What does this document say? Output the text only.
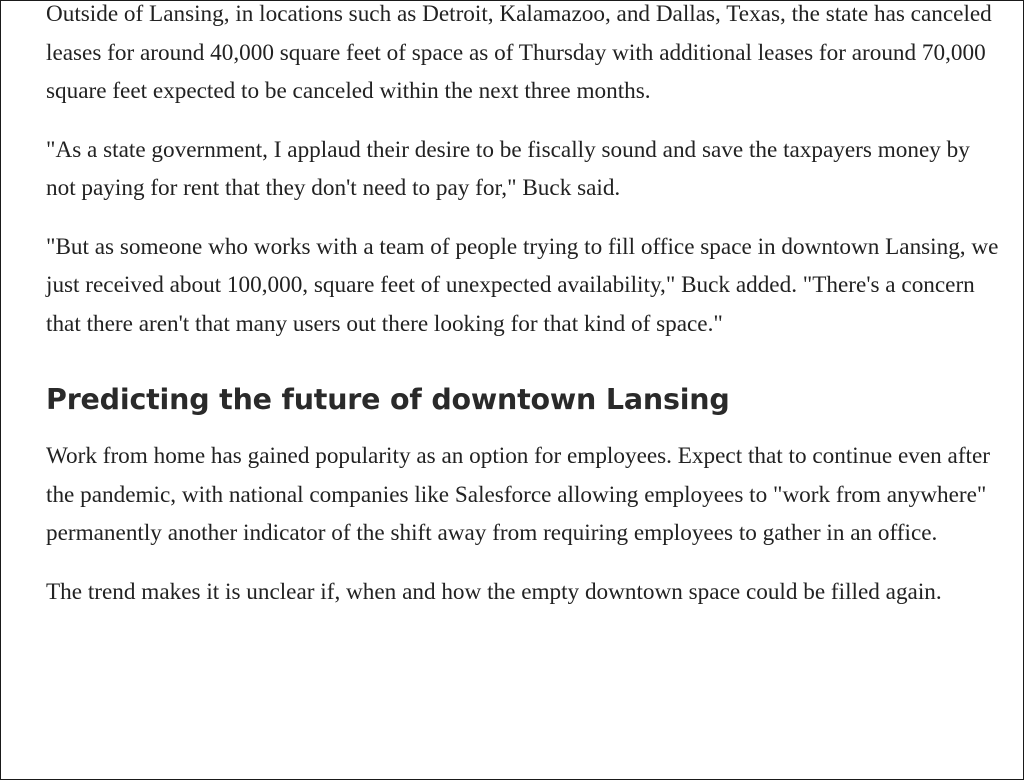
Outside of Lansing, in locations such as Detroit, Kalamazoo, and Dallas, Texas, the state has canceled leases for around 40,000 square feet of space as of Thursday with additional leases for around 70,000 square feet expected to be canceled within the next three months.

"As a state government, I applaud their desire to be fiscally sound and save the taxpayers money by not paying for rent that they don't need to pay for," Buck said.

"But as someone who works with a team of people trying to fill office space in downtown Lansing, we just received about 100,000, square feet of unexpected availability," Buck added. "There's a concern that there aren't that many users out there looking for that kind of space."

Predicting the future of downtown Lansing

Work from home has gained popularity as an option for employees. Expect that to continue even after the pandemic, with national companies like Salesforce allowing employees to "work from anywhere" permanently another indicator of the shift away from requiring employees to gather in an office.

The trend makes it is unclear if, when and how the empty downtown space could be filled again.
